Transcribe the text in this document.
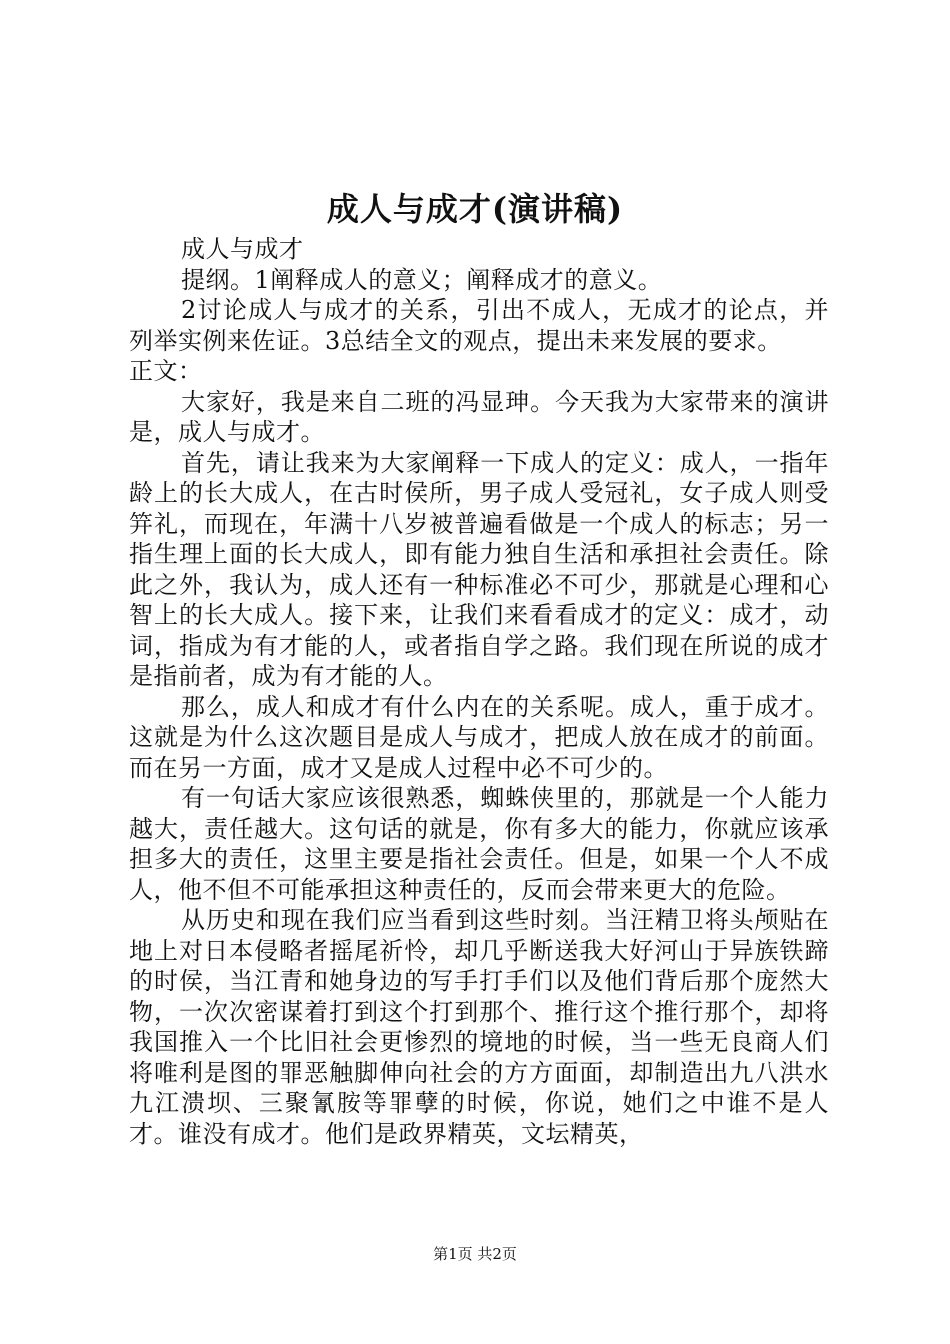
成人与成才(演讲稿)

成人与成才

提纲。1阐释成人的意义；阐释成才的意义。

2讨论成人与成才的关系，引出不成人，无成才的论点，并列举实例来佐证。3总结全文的观点，提出未来发展的要求。

正文：

大家好，我是来自二班的冯显珅。今天我为大家带来的演讲是，成人与成才。

首先，请让我来为大家阐释一下成人的定义：成人，一指年龄上的长大成人，在古时侯所，男子成人受冠礼，女子成人则受笄礼，而现在，年满十八岁被普遍看做是一个成人的标志；另一指生理上面的长大成人，即有能力独自生活和承担社会责任。除此之外，我认为，成人还有一种标准必不可少，那就是心理和心智上的长大成人。接下来，让我们来看看成才的定义：成才，动词，指成为有才能的人，或者指自学之路。我们现在所说的成才是指前者，成为有才能的人。

那么，成人和成才有什么内在的关系呢。成人，重于成才。这就是为什么这次题目是成人与成才，把成人放在成才的前面。而在另一方面，成才又是成人过程中必不可少的。

有一句话大家应该很熟悉，蜘蛛侠里的，那就是一个人能力越大，责任越大。这句话的就是，你有多大的能力，你就应该承担多大的责任，这里主要是指社会责任。但是，如果一个人不成人，他不但不可能承担这种责任的，反而会带来更大的危险。

从历史和现在我们应当看到这些时刻。当汪精卫将头颅贴在地上对日本侵略者摇尾祈怜，却几乎断送我大好河山于异族铁蹄的时侯，当江青和她身边的写手打手们以及他们背后那个庞然大物，一次次密谋着打到这个打到那个、推行这个推行那个，却将我国推入一个比旧社会更惨烈的境地的时候，当一些无良商人们将唯利是图的罪恶触脚伸向社会的方方面面，却制造出九八洪水九江溃坝、三聚氰胺等罪孽的时候，你说，她们之中谁不是人才。谁没有成才。他们是政界精英，文坛精英，

第1页 共2页
